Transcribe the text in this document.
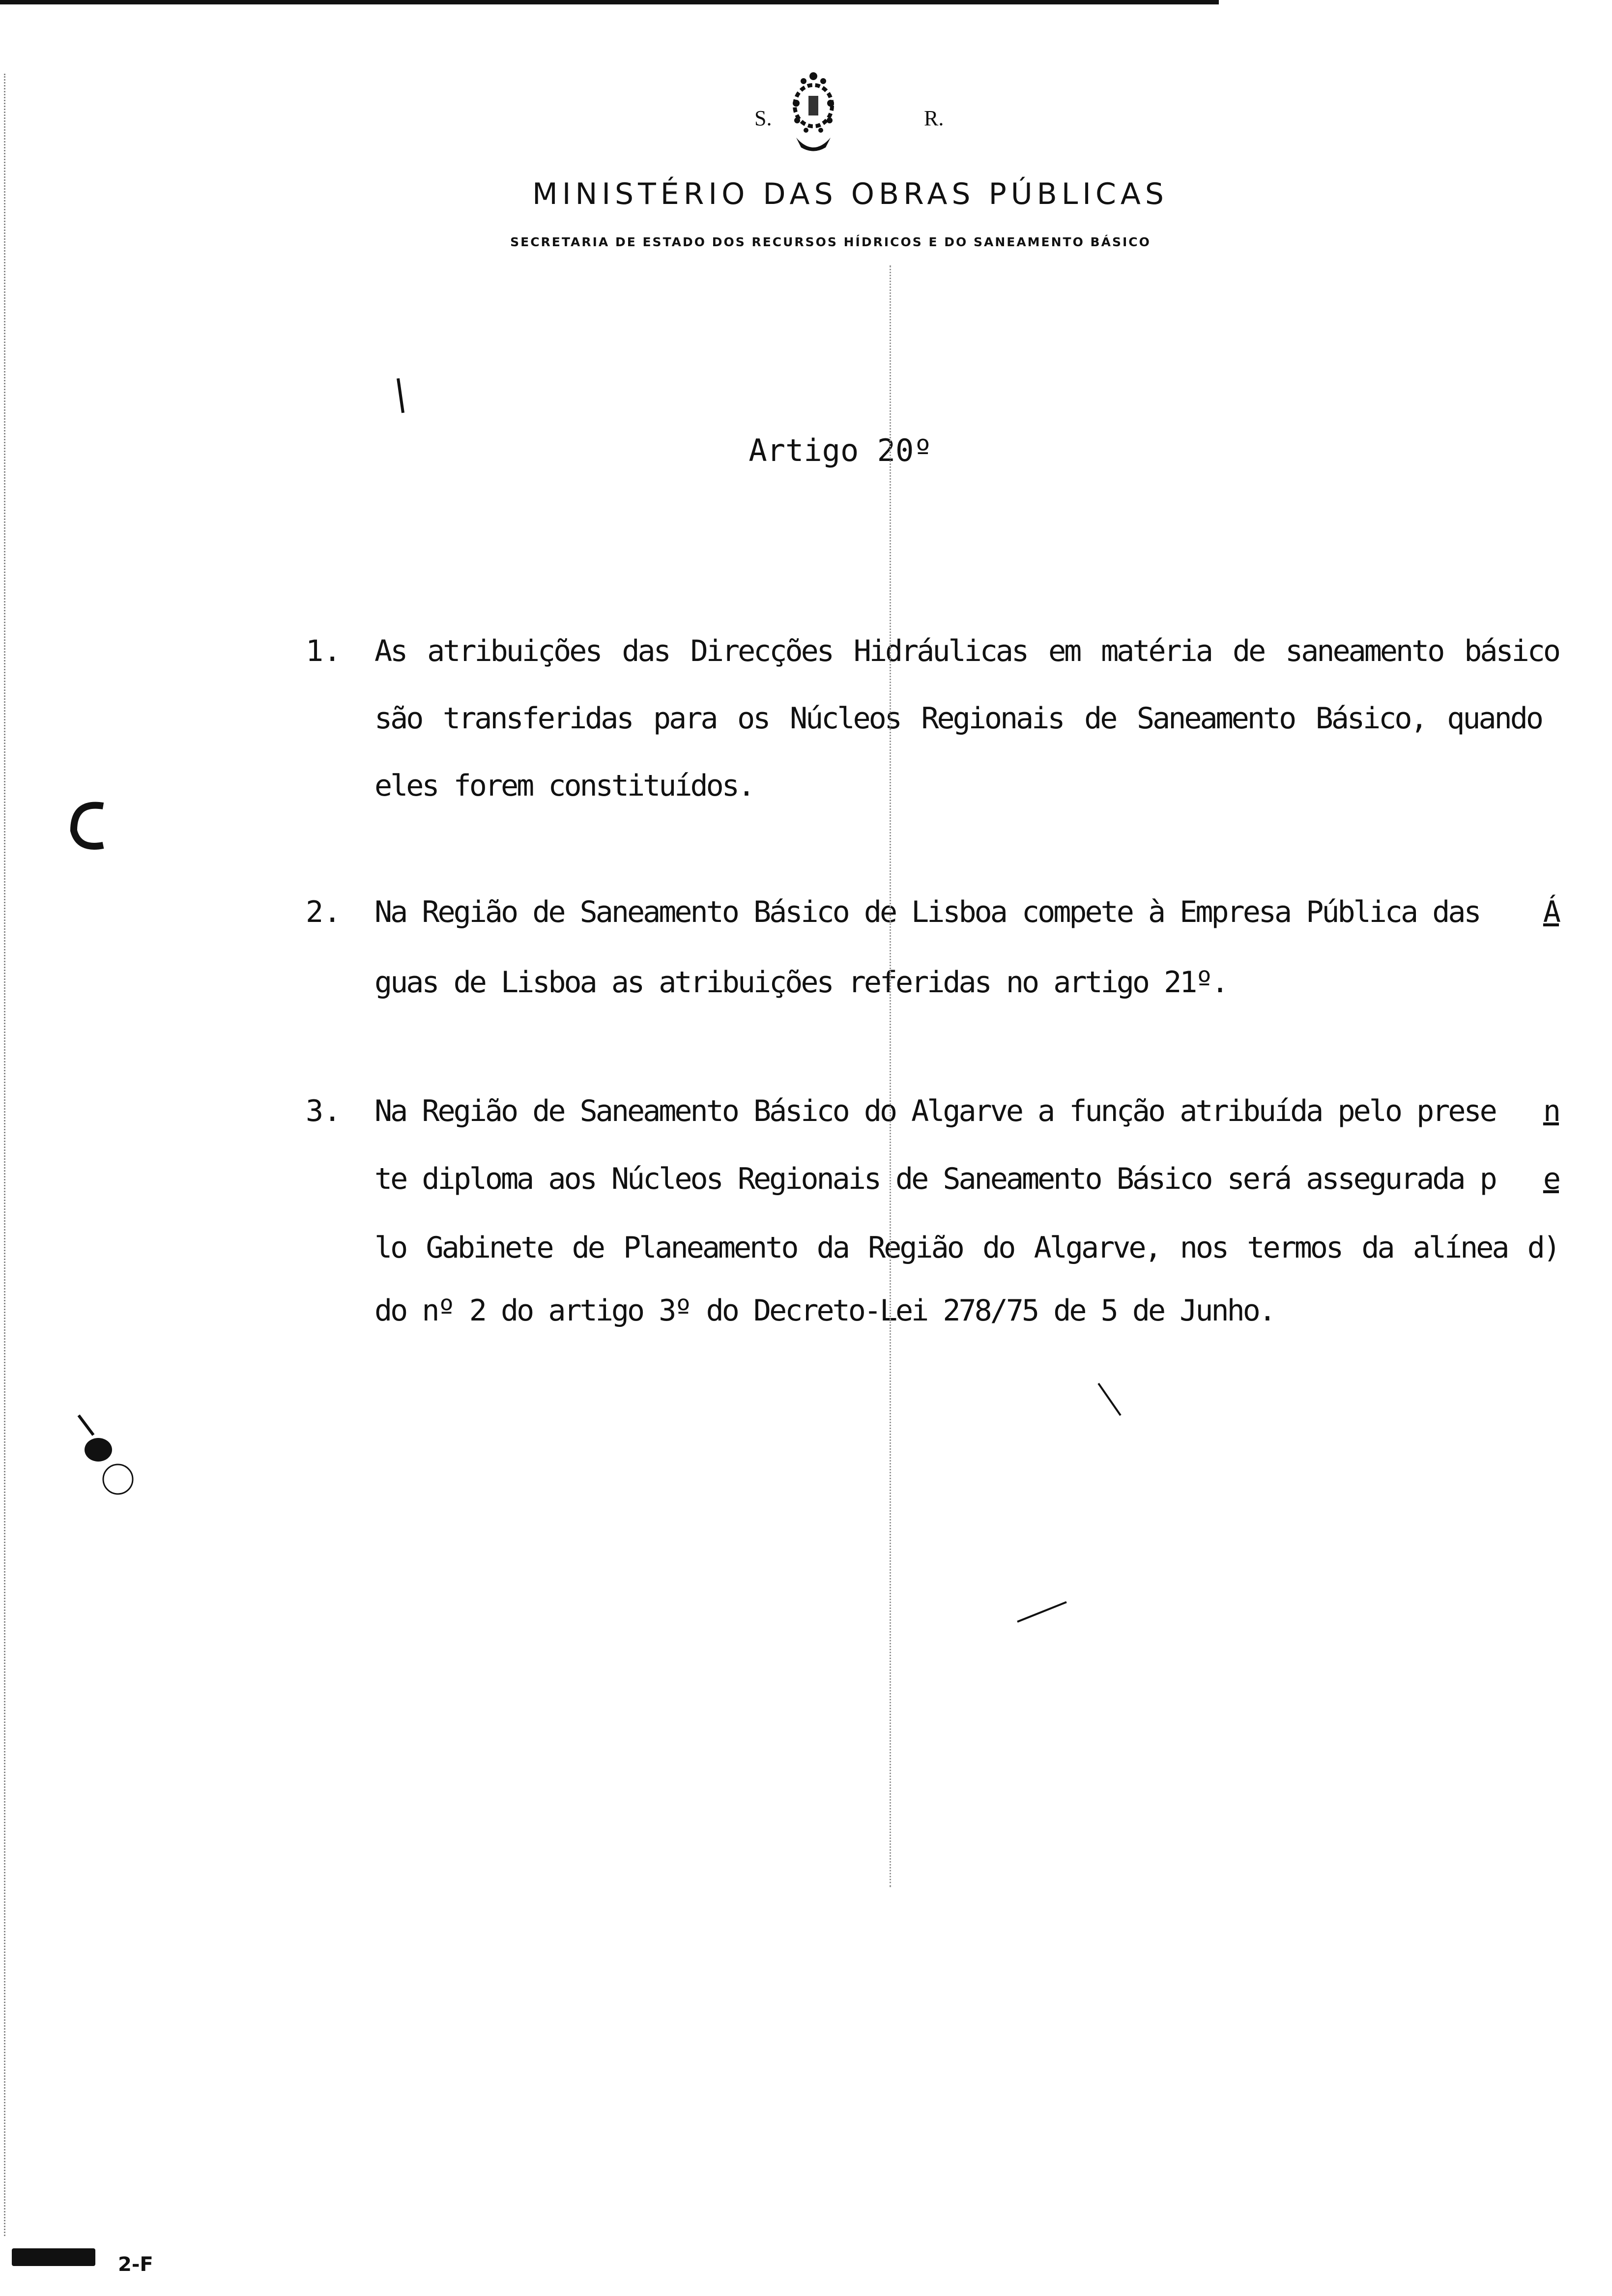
S.	R.
MINISTÉRIO DAS OBRAS PÚBLICAS
SECRETARIA DE ESTADO DOS RECURSOS HÍDRICOS E DO SANEAMENTO BÁSICO
Artigo 20º
1. As atribuições das Direcções Hidráulicas em matéria de saneamento básico
são transferidas para os Núcleos Regionais de Saneamento Básico, quando
eles forem constituídos.
2. Na Região de Saneamento Básico de Lisboa compete à Empresa Pública das Á
guas de Lisboa as atribuições referidas no artigo 21º.
3. Na Região de Saneamento Básico do Algarve a função atribuída pelo prese n
te diploma aos Núcleos Regionais de Saneamento Básico será assegurada p e
lo Gabinete de Planeamento da Região do Algarve, nos termos da alínea d)
do nº 2 do artigo 3º do Decreto-Lei 278/75 de 5 de Junho.
2-F
